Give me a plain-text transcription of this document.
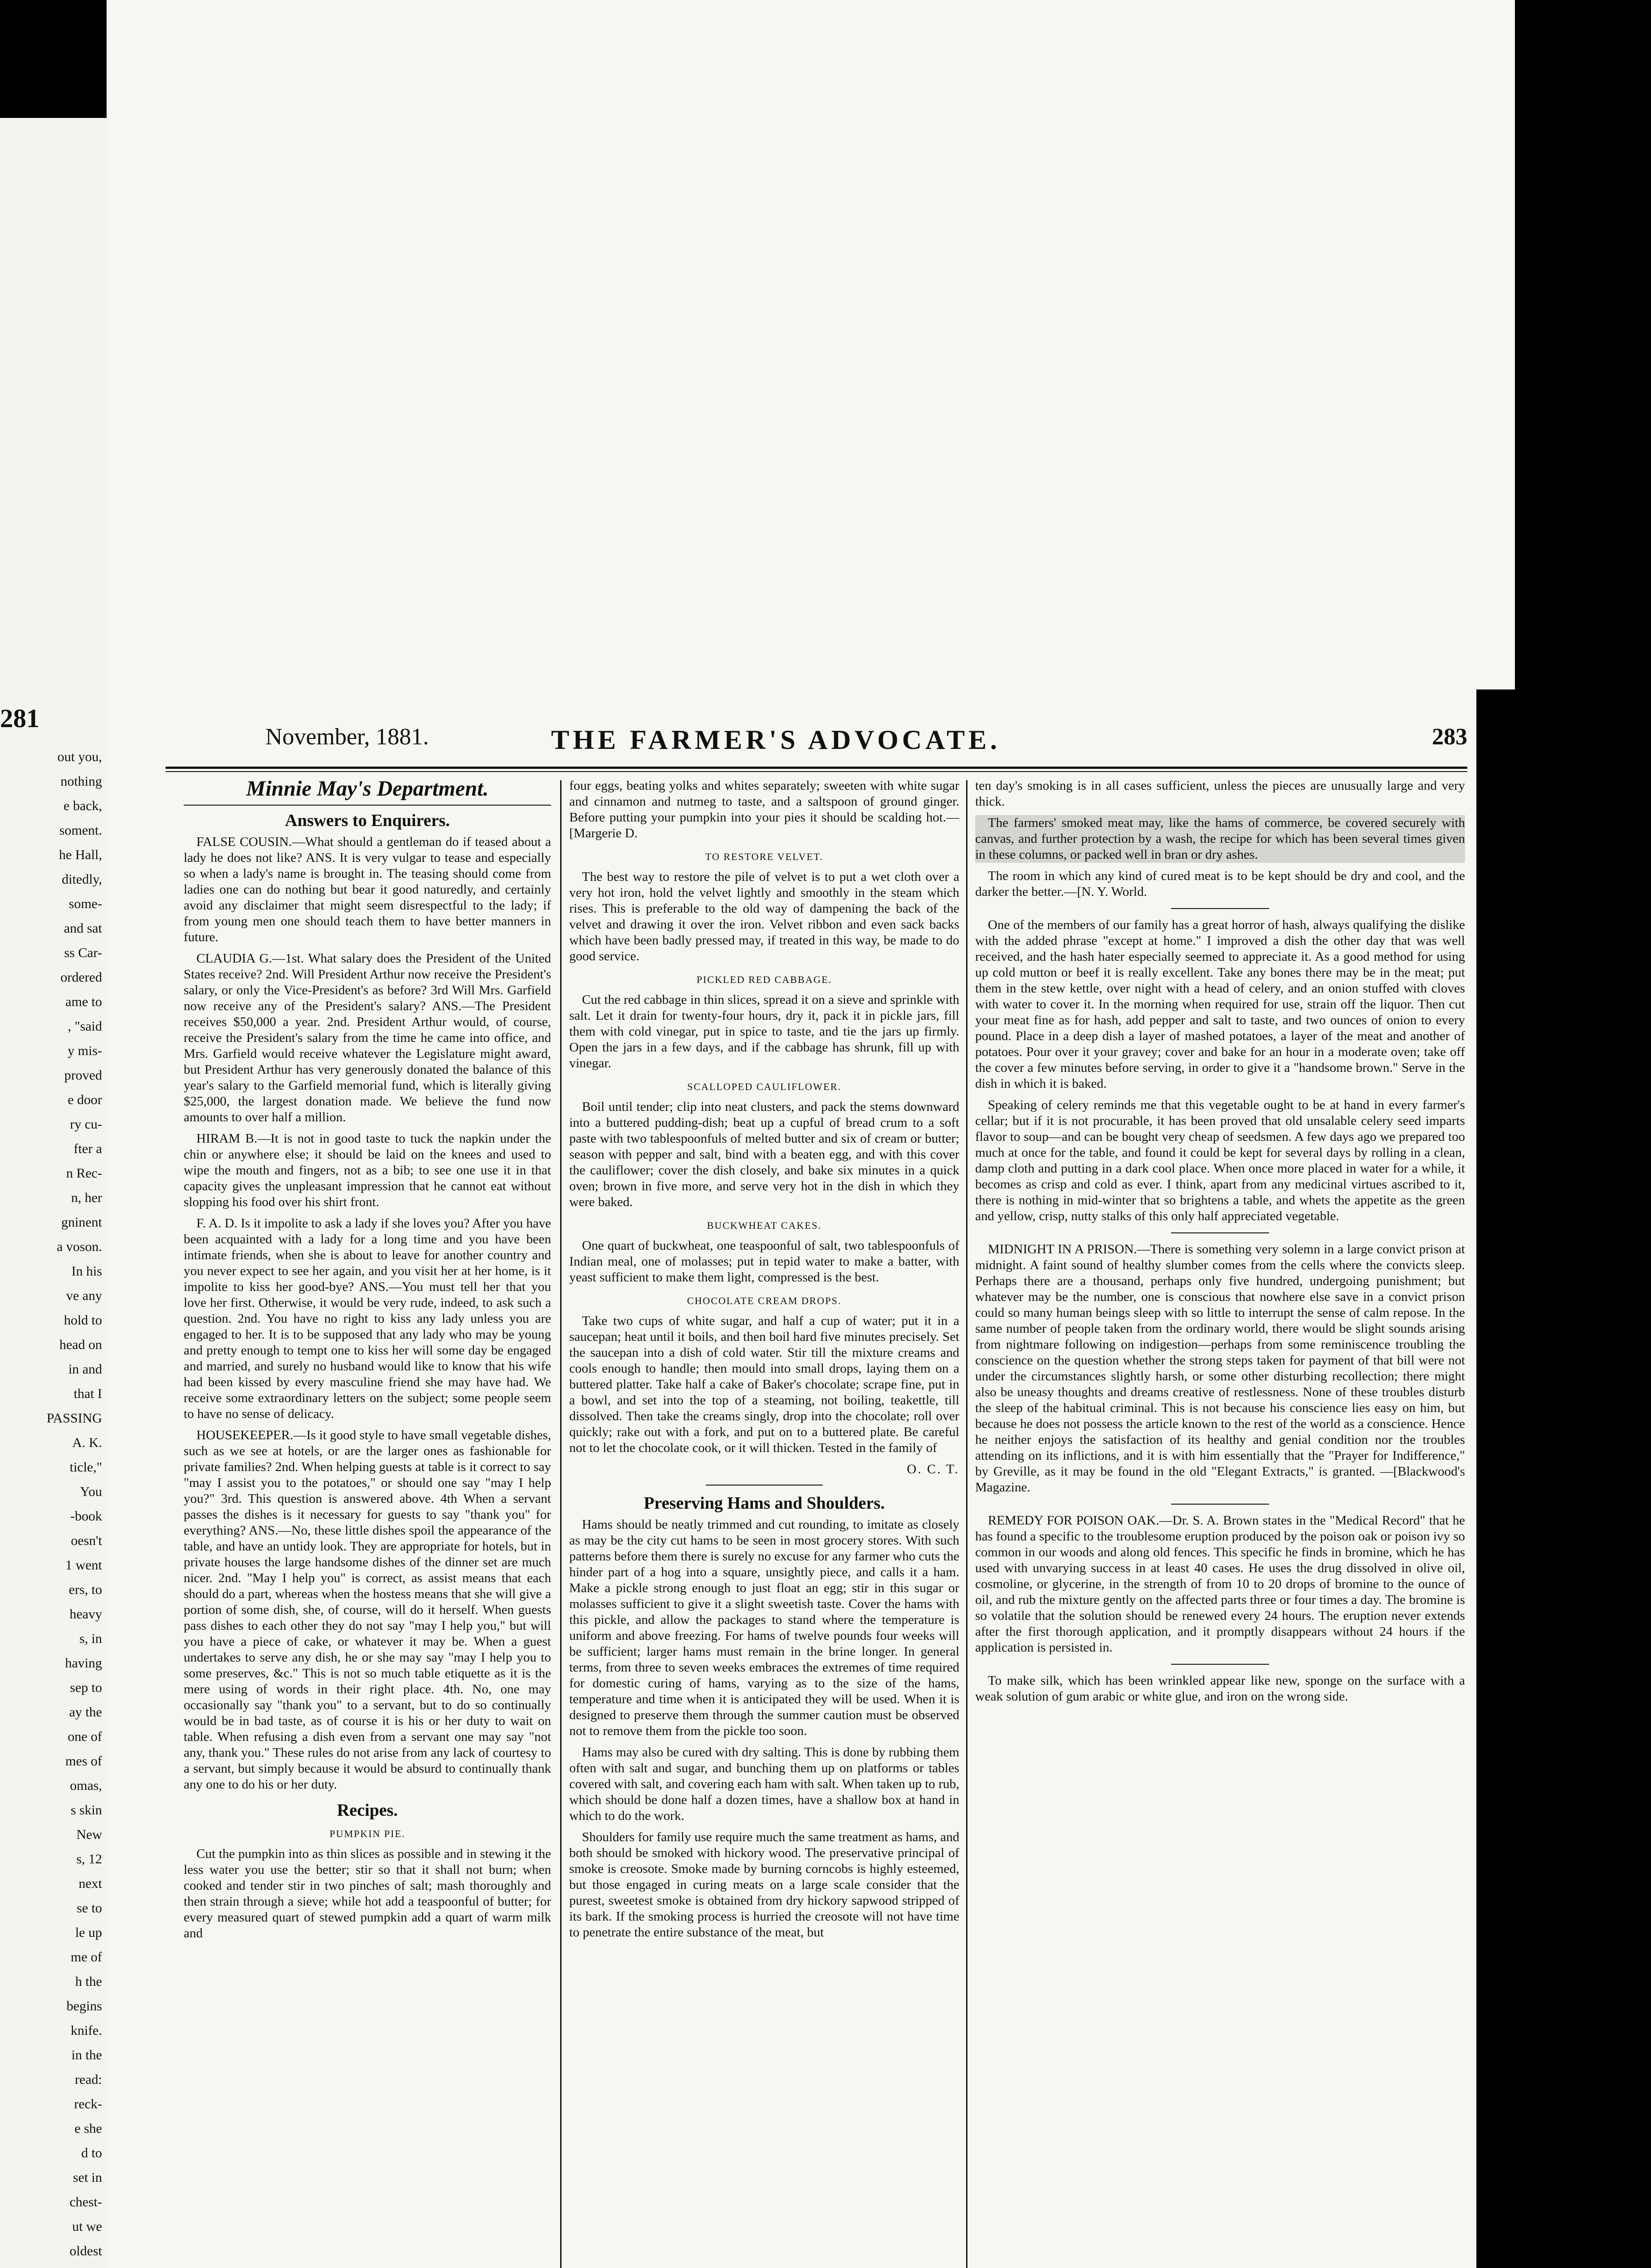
281
out you,
nothing
e back,
soment.
he Hall,
ditedly,
some-
and sat
ss Car-
ordered
ame to
, "said
y mis-
proved
e door
ry cu-
fter a
n Rec-
n, her
gninent
a voson.
In his
ve any
hold to
head on
in and
that I
PASSING
A. K.
ticle,"
You
-book
oesn't
1 went
ers, to
heavy
s, in
having
sep to
ay the
one of
mes of
omas,
s skin
New
s, 12
next
se to
le up
me of
h the
begins
knife.
in the
read:
reck-
e she
d to
set in
chest-
ut we
oldest
November, 1881.	THE FARMER'S ADVOCATE.	283
Minnie May's Department.
Answers to Enquirers.

FALSE COUSIN.—What should a gentleman do if teased about a lady he does not like? ANS. It is very vulgar to tease and especially so when a lady's name is brought in. The teasing should come from ladies one can do nothing but bear it good naturedly, and certainly avoid any disclaimer that might seem disrespectful to the lady; if from young men one should teach them to have better manners in future.

CLAUDIA G.—1st. What salary does the President of the United States receive? 2nd. Will President Arthur now receive the President's salary, or only the Vice-President's as before? 3rd Will Mrs. Garfield now receive any of the President's salary? ANS.—The President receives $50,000 a year. 2nd. President Arthur would, of course, receive the President's salary from the time he came into office, and Mrs. Garfield would receive whatever the Legislature might award, but President Arthur has very generously donated the balance of this year's salary to the Garfield memorial fund, which is literally giving $25,000, the largest donation made. We believe the fund now amounts to over half a million.

HIRAM B.—It is not in good taste to tuck the napkin under the chin or anywhere else; it should be laid on the knees and used to wipe the mouth and fingers, not as a bib; to see one use it in that capacity gives the unpleasant impression that he cannot eat without slopping his food over his shirt front.

F. A. D. Is it impolite to ask a lady if she loves you? After you have been acquainted with a lady for a long time and you have been intimate friends, when she is about to leave for another country and you never expect to see her again, and you visit her at her home, is it impolite to kiss her good-bye? ANS.—You must tell her that you love her first. Otherwise, it would be very rude, indeed, to ask such a question. 2nd. You have no right to kiss any lady unless you are engaged to her. It is to be supposed that any lady who may be young and pretty enough to tempt one to kiss her will some day be engaged and married, and surely no husband would like to know that his wife had been kissed by every masculine friend she may have had. We receive some extraordinary letters on the subject; some people seem to have no sense of delicacy.

HOUSEKEEPER.—Is it good style to have small vegetable dishes, such as we see at hotels, or are the larger ones as fashionable for private families? 2nd. When helping guests at table is it correct to say "may I assist you to the potatoes," or should one say "may I help you?" 3rd. This question is answered above. 4th When a servant passes the dishes is it necessary for guests to say "thank you" for everything? ANS.—No, these little dishes spoil the appearance of the table, and have an untidy look. They are appropriate for hotels, but in private houses the large handsome dishes of the dinner set are much nicer. 2nd. "May I help you" is correct, as assist means that each should do a part, whereas when the hostess means that she will give a portion of some dish, she, of course, will do it herself. When guests pass dishes to each other they do not say "may I help you," but will you have a piece of cake, or whatever it may be. When a guest undertakes to serve any dish, he or she may say "may I help you to some preserves, &c." This is not so much table etiquette as it is the mere using of words in their right place. 4th. No, one may occasionally say "thank you" to a servant, but to do so continually would be in bad taste, as of course it is his or her duty to wait on table. When refusing a dish even from a servant one may say "not any, thank you." These rules do not arise from any lack of courtesy to a servant, but simply because it would be absurd to continually thank any one to do his or her duty.

Recipes.
PUMPKIN PIE.

Cut the pumpkin into as thin slices as possible and in stewing it the less water you use the better; stir so that it shall not burn; when cooked and tender stir in two pinches of salt; mash thoroughly and then strain through a sieve; while hot add a teaspoonful of butter; for every measured quart of stewed pumpkin add a quart of warm milk and

four eggs, beating yolks and whites separately; sweeten with white sugar and cinnamon and nutmeg to taste, and a saltspoon of ground ginger. Before putting your pumpkin into your pies it should be scalding hot.—[Margerie D.

TO RESTORE VELVET.

The best way to restore the pile of velvet is to put a wet cloth over a very hot iron, hold the velvet lightly and smoothly in the steam which rises. This is preferable to the old way of dampening the back of the velvet and drawing it over the iron. Velvet ribbon and even sack backs which have been badly pressed may, if treated in this way, be made to do good service.

PICKLED RED CABBAGE.

Cut the red cabbage in thin slices, spread it on a sieve and sprinkle with salt. Let it drain for twenty-four hours, dry it, pack it in pickle jars, fill them with cold vinegar, put in spice to taste, and tie the jars up firmly. Open the jars in a few days, and if the cabbage has shrunk, fill up with vinegar.

SCALLOPED CAULIFLOWER.

Boil until tender; clip into neat clusters, and pack the stems downward into a buttered pudding-dish; beat up a cupful of bread crum to a soft paste with two tablespoonfuls of melted butter and six of cream or butter; season with pepper and salt, bind with a beaten egg, and with this cover the cauliflower; cover the dish closely, and bake six minutes in a quick oven; brown in five more, and serve very hot in the dish in which they were baked.

BUCKWHEAT CAKES.

One quart of buckwheat, one teaspoonful of salt, two tablespoonfuls of Indian meal, one of molasses; put in tepid water to make a batter, with yeast sufficient to make them light, compressed is the best.

CHOCOLATE CREAM DROPS.

Take two cups of white sugar, and half a cup of water; put it in a saucepan; heat until it boils, and then boil hard five minutes precisely. Set the saucepan into a dish of cold water. Stir till the mixture creams and cools enough to handle; then mould into small drops, laying them on a buttered platter. Take half a cake of Baker's chocolate; scrape fine, put in a bowl, and set into the top of a steaming, not boiling, teakettle, till dissolved. Then take the creams singly, drop into the chocolate; roll over quickly; rake out with a fork, and put on to a buttered plate. Be careful not to let the chocolate cook, or it will thicken. Tested in the family of

O. C. T.
Preserving Hams and Shoulders.

Hams should be neatly trimmed and cut rounding, to imitate as closely as may be the city cut hams to be seen in most grocery stores. With such patterns before them there is surely no excuse for any farmer who cuts the hinder part of a hog into a square, unsightly piece, and calls it a ham. Make a pickle strong enough to just float an egg; stir in this sugar or molasses sufficient to give it a slight sweetish taste. Cover the hams with this pickle, and allow the packages to stand where the temperature is uniform and above freezing. For hams of twelve pounds four weeks will be sufficient; larger hams must remain in the brine longer. In general terms, from three to seven weeks embraces the extremes of time required for domestic curing of hams, varying as to the size of the hams, temperature and time when it is anticipated they will be used. When it is designed to preserve them through the summer caution must be observed not to remove them from the pickle too soon.

Hams may also be cured with dry salting. This is done by rubbing them often with salt and sugar, and bunching them up on platforms or tables covered with salt, and covering each ham with salt. When taken up to rub, which should be done half a dozen times, have a shallow box at hand in which to do the work.

Shoulders for family use require much the same treatment as hams, and both should be smoked with hickory wood. The preservative principal of smoke is creosote. Smoke made by burning corncobs is highly esteemed, but those engaged in curing meats on a large scale consider that the purest, sweetest smoke is obtained from dry hickory sapwood stripped of its bark. If the smoking process is hurried the creosote will not have time to penetrate the entire substance of the meat, but

ten day's smoking is in all cases sufficient, unless the pieces are unusually large and very thick.

The farmers' smoked meat may, like the hams of commerce, be covered securely with canvas, and further protection by a wash, the recipe for which has been several times given in these columns, or packed well in bran or dry ashes.

The room in which any kind of cured meat is to be kept should be dry and cool, and the darker the better.—[N. Y. World.

One of the members of our family has a great horror of hash, always qualifying the dislike with the added phrase "except at home." I improved a dish the other day that was well received, and the hash hater especially seemed to appreciate it. As a good method for using up cold mutton or beef it is really excellent. Take any bones there may be in the meat; put them in the stew kettle, over night with a head of celery, and an onion stuffed with cloves with water to cover it. In the morning when required for use, strain off the liquor. Then cut your meat fine as for hash, add pepper and salt to taste, and two ounces of onion to every pound. Place in a deep dish a layer of mashed potatoes, a layer of the meat and another of potatoes. Pour over it your gravey; cover and bake for an hour in a moderate oven; take off the cover a few minutes before serving, in order to give it a "handsome brown." Serve in the dish in which it is baked.

Speaking of celery reminds me that this vegetable ought to be at hand in every farmer's cellar; but if it is not procurable, it has been proved that old unsalable celery seed imparts flavor to soup—and can be bought very cheap of seedsmen. A few days ago we prepared too much at once for the table, and found it could be kept for several days by rolling in a clean, damp cloth and putting in a dark cool place. When once more placed in water for a while, it becomes as crisp and cold as ever. I think, apart from any medicinal virtues ascribed to it, there is nothing in mid-winter that so brightens a table, and whets the appetite as the green and yellow, crisp, nutty stalks of this only half appreciated vegetable.

MIDNIGHT IN A PRISON.—There is something very solemn in a large convict prison at midnight. A faint sound of healthy slumber comes from the cells where the convicts sleep. Perhaps there are a thousand, perhaps only five hundred, undergoing punishment; but whatever may be the number, one is conscious that nowhere else save in a convict prison could so many human beings sleep with so little to interrupt the sense of calm repose. In the same number of people taken from the ordinary world, there would be slight sounds arising from nightmare following on indigestion—perhaps from some reminiscence troubling the conscience on the question whether the strong steps taken for payment of that bill were not under the circumstances slightly harsh, or some other disturbing recollection; there might also be uneasy thoughts and dreams creative of restlessness. None of these troubles disturb the sleep of the habitual criminal. This is not because his conscience lies easy on him, but because he does not possess the article known to the rest of the world as a conscience. Hence he neither enjoys the satisfaction of its healthy and genial condition nor the troubles attending on its inflictions, and it is with him essentially that the "Prayer for Indifference," by Greville, as it may be found in the old "Elegant Extracts," is granted. —[Blackwood's Magazine.

REMEDY FOR POISON OAK.—Dr. S. A. Brown states in the "Medical Record" that he has found a specific to the troublesome eruption produced by the poison oak or poison ivy so common in our woods and along old fences. This specific he finds in bromine, which he has used with unvarying success in at least 40 cases. He uses the drug dissolved in olive oil, cosmoline, or glycerine, in the strength of from 10 to 20 drops of bromine to the ounce of oil, and rub the mixture gently on the affected parts three or four times a day. The bromine is so volatile that the solution should be renewed every 24 hours. The eruption never extends after the first thorough application, and it promptly disappears without 24 hours if the application is persisted in.

To make silk, which has been wrinkled appear like new, sponge on the surface with a weak solution of gum arabic or white glue, and iron on the wrong side.
